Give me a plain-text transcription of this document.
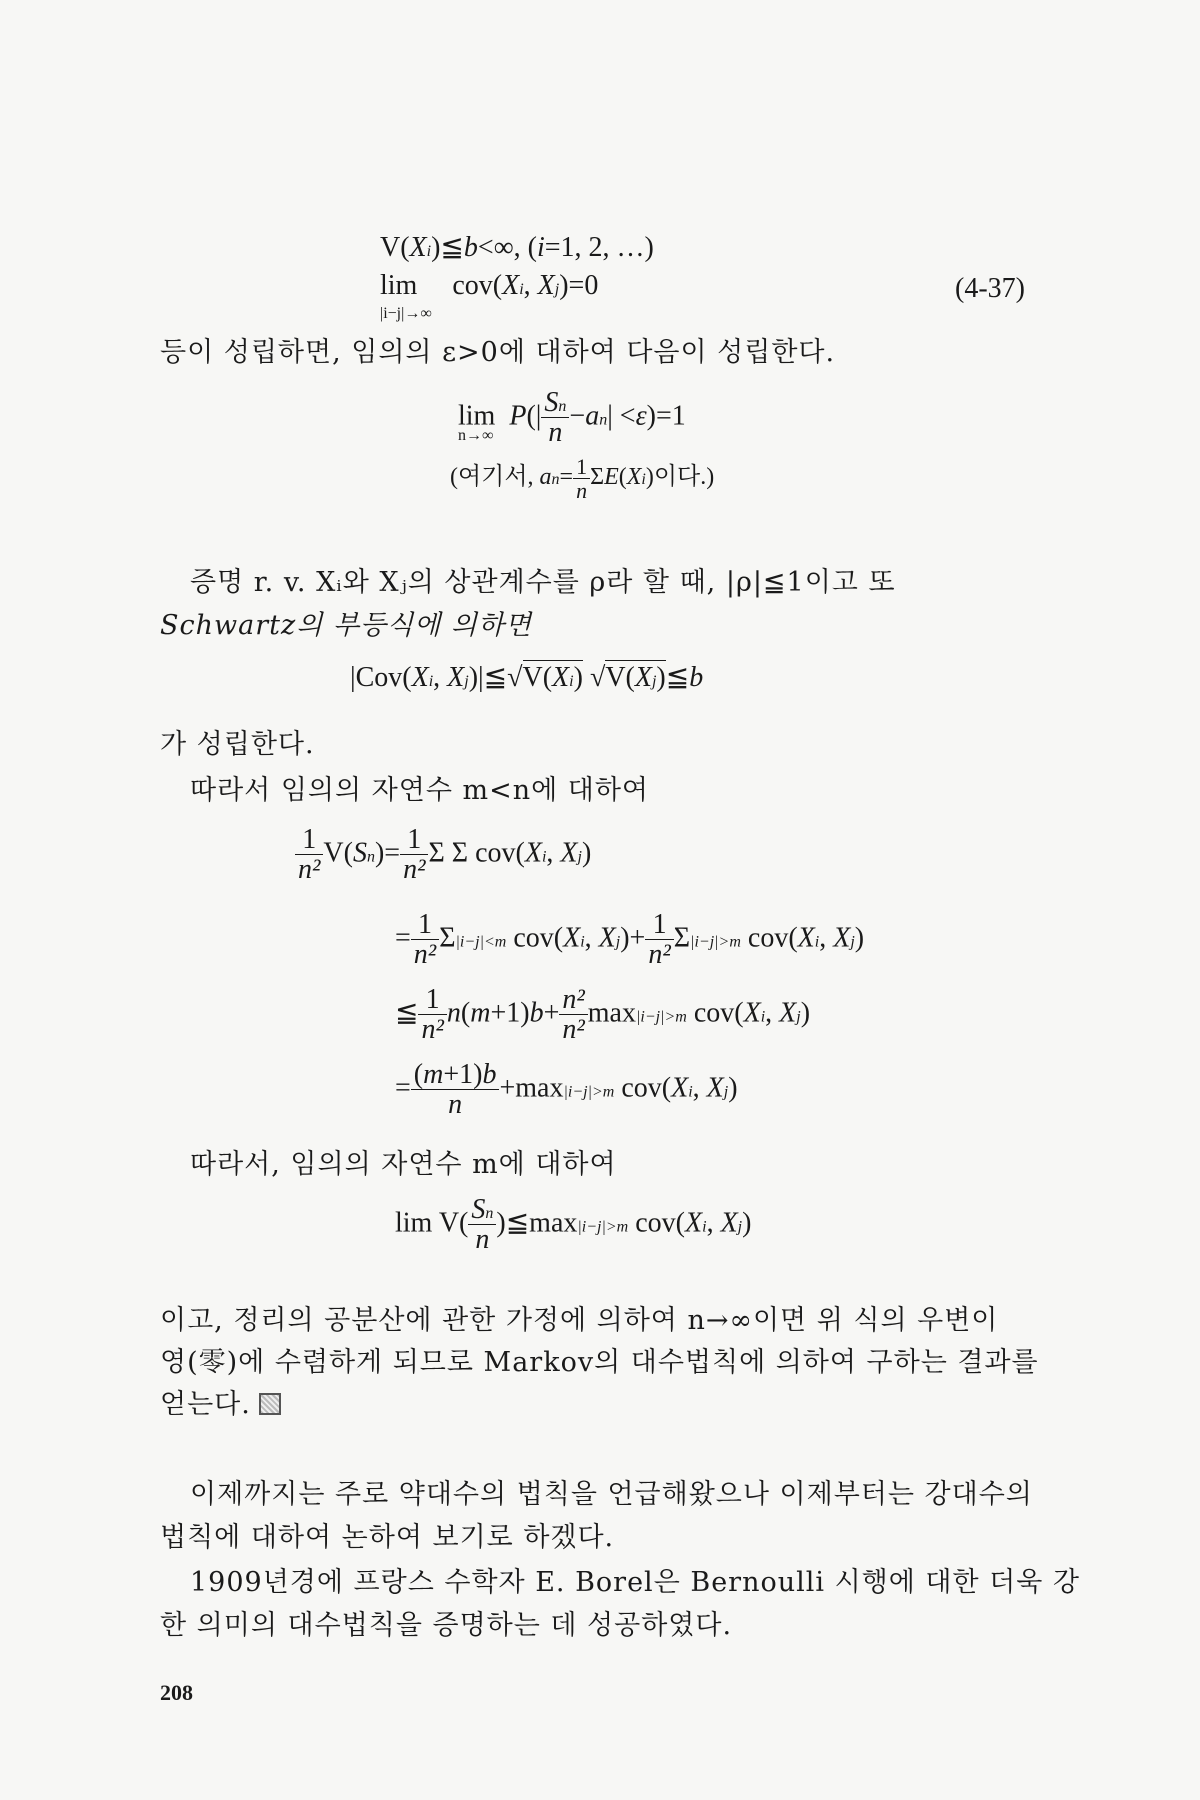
V(Xi)≦b<∞, (i=1, 2, …)
lim     cov(Xi, Xj)=0
|i−j|→∞
(4-37)
등이 성립하면, 임의의 ε>0에 대하여 다음이 성립한다.
$\lim P(| \frac{Sn}{n} -an| <\varepsilon)=1$
n→∞
(여기서, $an= \frac{1}{n} \Sigma E(Xi)$이다.)
증명 r. v. Xᵢ와 Xⱼ의 상관계수를 ρ라 할 때, |ρ|≦1이고 또
Schwartz의 부등식에 의하면
|Cov(Xi, Xj)|≦√V(Xi) √V(Xj)≦b
가 성립한다.
따라서 임의의 자연수 m<n에 대하여
$\frac{1}{\text{n²}} V(Sn)= \frac{1}{\text{n²}}$ Σ Σ cov(Xi, Xj)
= $\frac{1}{\text{n²}} \Sigma|i-j|<m$ cov(Xi, $Xj)+ \frac{1}{\text{n²}} \Sigma|i-j|>m$ cov(Xi, Xj)
≦ $\frac{1}{\text{n²}} n(m+1)b+ \frac{\text{n²}}{\text{n²}} \max|i-j|>m$ cov(Xi, Xj)
= $\frac{(m+1)b}{n} +\max|i-j|>m$ cov(Xi, Xj)
따라서, 임의의 자연수 m에 대하여
$\lim V( \frac{Sn}{n}$ )≦max|i−j|>m cov(Xi, Xj)
이고, 정리의 공분산에 관한 가정에 의하여 n→∞이면 위 식의 우변이
영(零)에 수렴하게 되므로 Markov의 대수법칙에 의하여 구하는 결과를
얻는다.
이제까지는 주로 약대수의 법칙을 언급해왔으나 이제부터는 강대수의
법칙에 대하여 논하여 보기로 하겠다.
1909년경에 프랑스 수학자 E. Borel은 Bernoulli 시행에 대한 더욱 강
한 의미의 대수법칙을 증명하는 데 성공하였다.
208
